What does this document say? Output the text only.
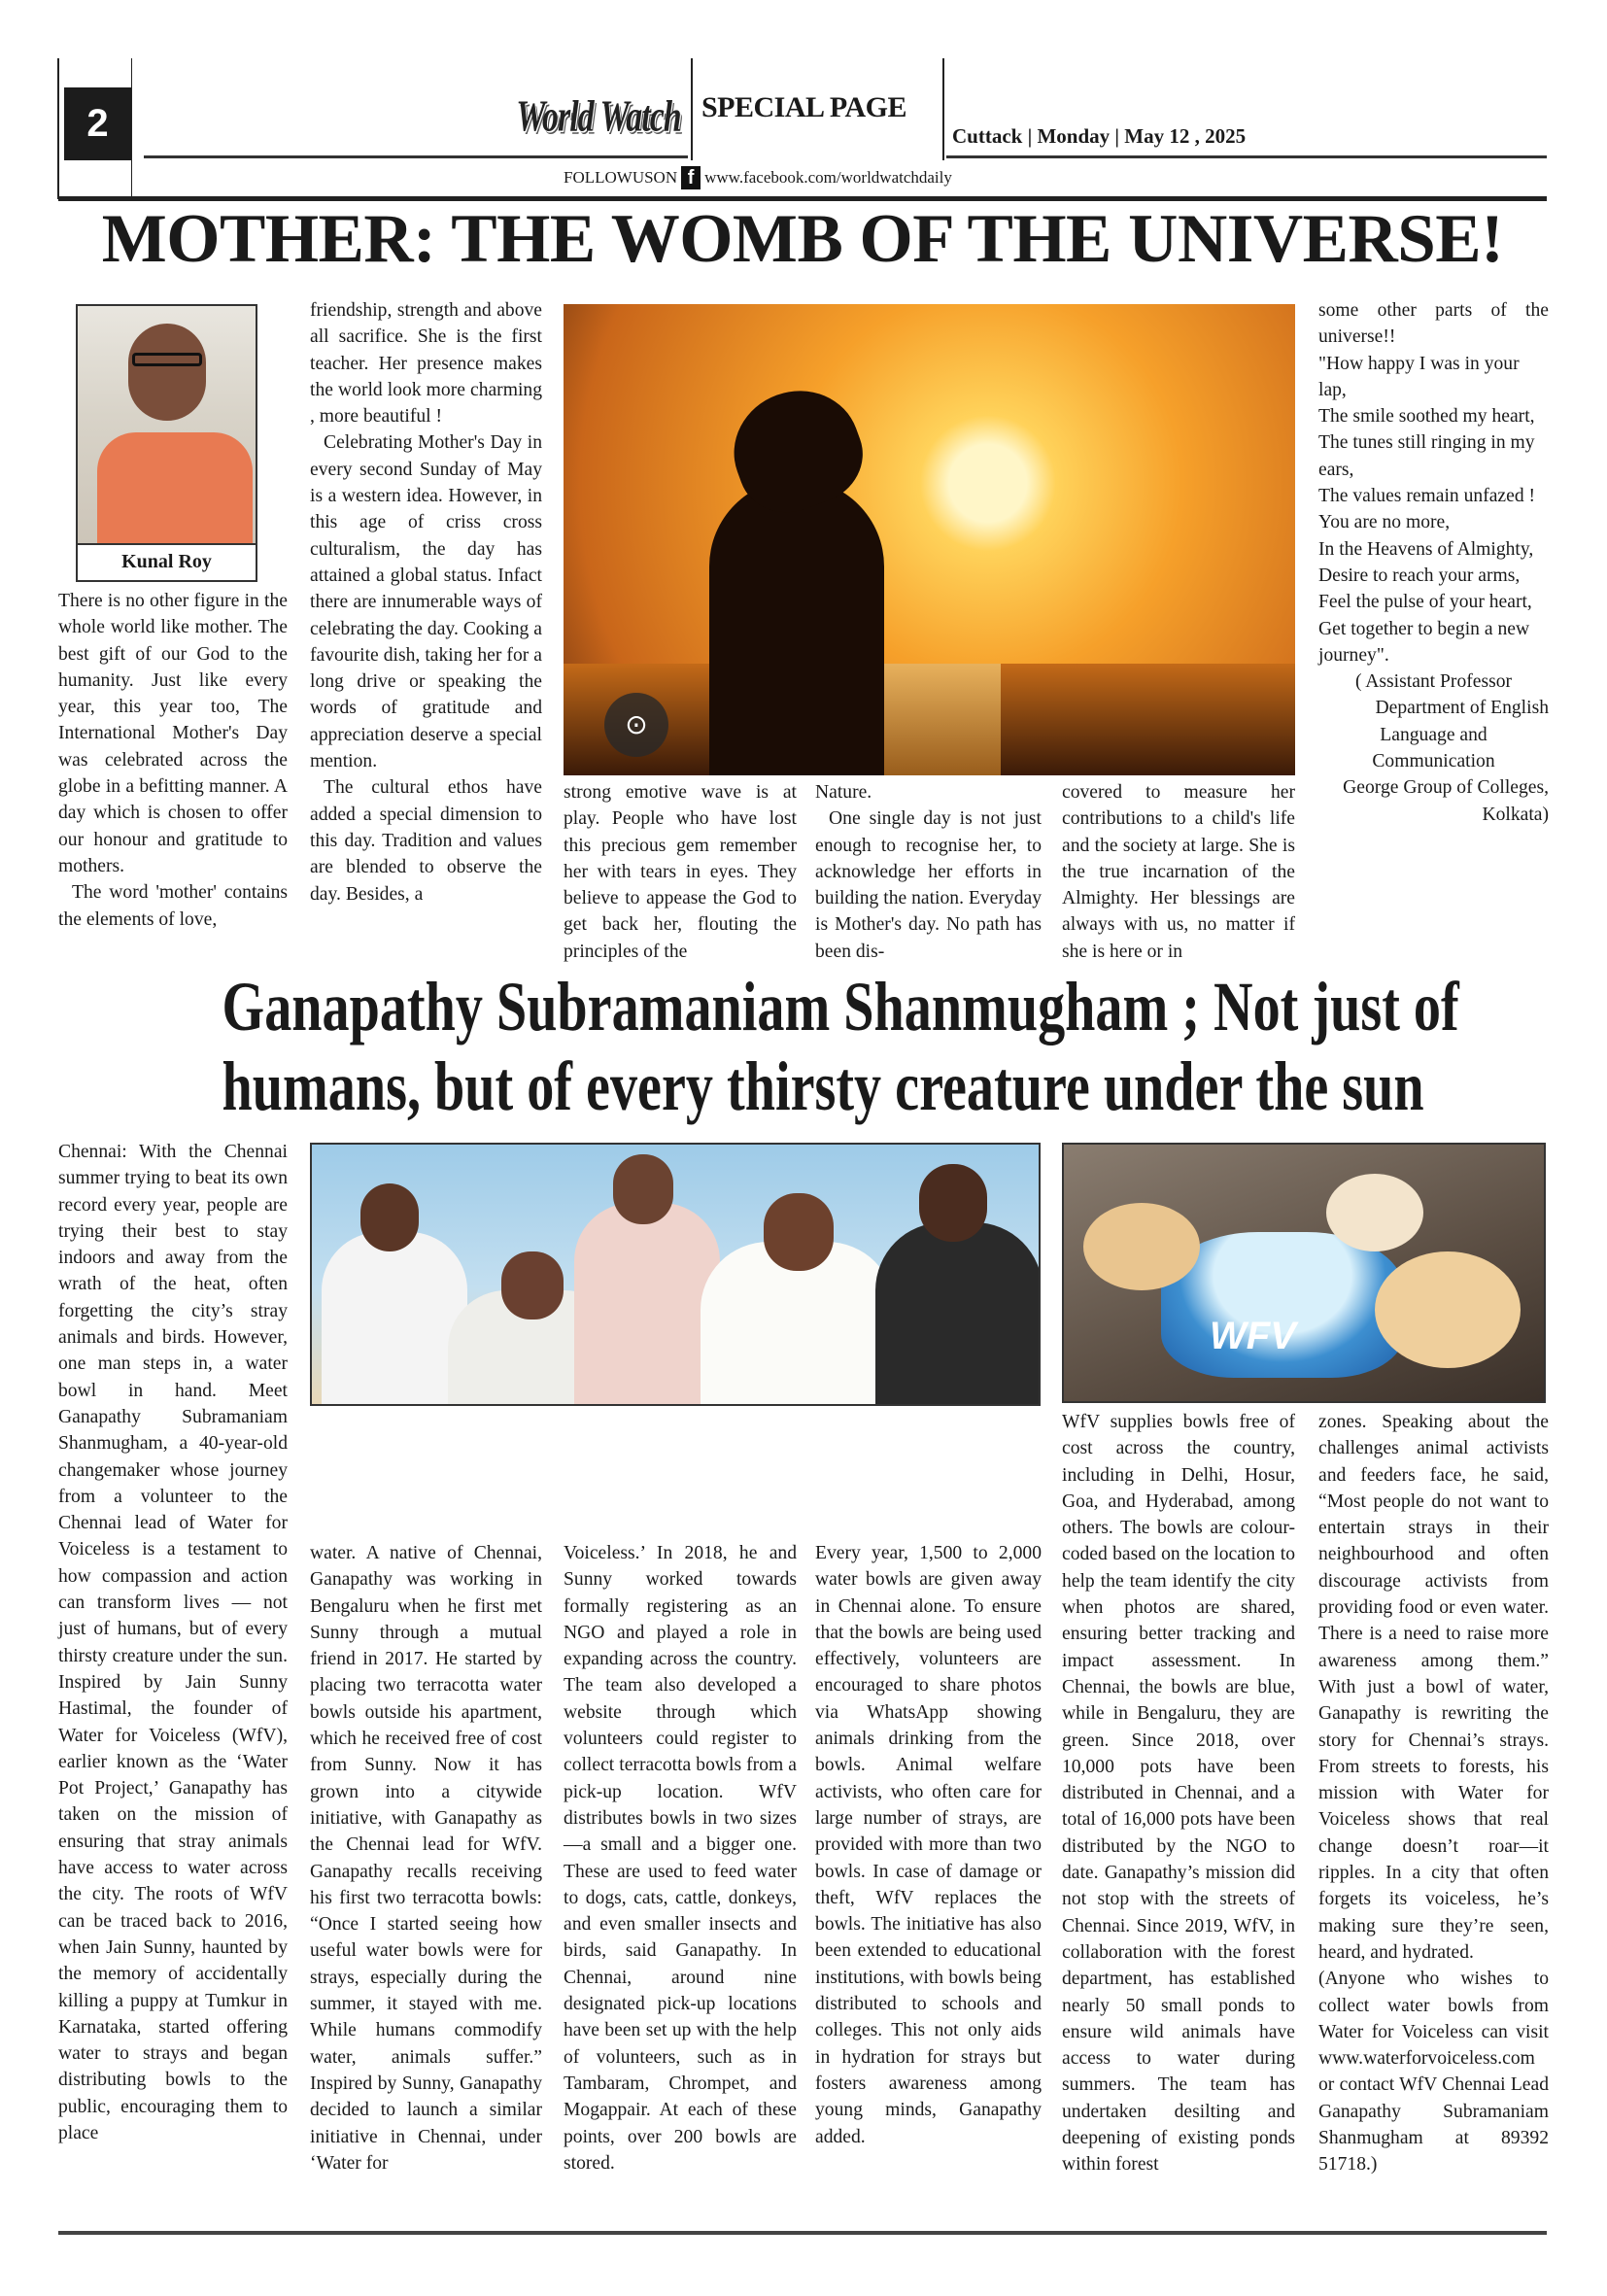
2	World Watch SPECIAL PAGE
Cuttack | Monday | May 12 , 2025
FOLLOWUSON f www.facebook.com/worldwatchdaily
MOTHER: THE WOMB OF THE UNIVERSE!
Kunal Roy

There is no other figure in the whole world like mother. The best gift of our God to the humanity. Just like every year, this year too, The International Mother's Day was celebrated across the globe in a befitting manner. A day which is chosen to offer our honour and gratitude to mothers.

The word 'mother' contains the elements of love,

friendship, strength and above all sacrifice. She is the first teacher. Her presence makes the world look more charming , more beautiful !

Celebrating Mother's Day in every second Sunday of May is a western idea. However, in this age of criss cross culturalism, the day has attained a global status. Infact there are innumerable ways of celebrating the day. Cooking a favourite dish, taking her for a long drive or speaking the words of gratitude and appreciation deserve a special mention.

The cultural ethos have added a special dimension to this day. Tradition and values are blended to observe the day. Besides, a

⊙

strong emotive wave is at play. People who have lost this precious gem remember her with tears in eyes. They believe to appease the God to get back her, flouting the principles of the

Nature.

One single day is not just enough to recognise her, to acknowledge her efforts in building the nation. Everyday is Mother's day. No path has been dis-

covered to measure her contributions to a child's life and the society at large. She is the true incarnation of the Almighty. Her blessings are always with us, no matter if she is here or in

some other parts of the universe!!

"How happy I was in your lap,

The smile soothed my heart,

The tunes still ringing in my ears,

The values remain unfazed !

You are no more,

In the Heavens of Almighty,

Desire to reach your arms,

Feel the pulse of your heart,

Get together to begin a new journey".

( Assistant Professor

Department of English

Language and Communication

George Group of Colleges, Kolkata)

Ganapathy Subramaniam Shanmugham ; Not just of
humans, but of every thirsty creature under the sun

Chennai: With the Chennai summer trying to beat its own record every year, people are trying their best to stay indoors and away from the wrath of the heat, often forgetting the city’s stray animals and birds. However, one man steps in, a water bowl in hand. Meet Ganapathy Subramaniam Shanmugham, a 40-year-old changemaker whose journey from a volunteer to the Chennai lead of Water for Voiceless is a testament to how compassion and action can transform lives — not just of humans, but of every thirsty creature under the sun. Inspired by Jain Sunny Hastimal, the founder of Water for Voiceless (WfV), earlier known as the ‘Water Pot Project,’ Ganapathy has taken on the mission of ensuring that stray animals have access to water across the city. The roots of WfV can be traced back to 2016, when Jain Sunny, haunted by the memory of accidentally killing a puppy at Tumkur in Karnataka, started offering water to strays and began distributing bowls to the public, encouraging them to place

WFV

water. A native of Chennai, Ganapathy was working in Bengaluru when he first met Sunny through a mutual friend in 2017. He started by placing two terracotta water bowls outside his apartment, which he received free of cost from Sunny. Now it has grown into a citywide initiative, with Ganapathy as the Chennai lead for WfV. Ganapathy recalls receiving his first two terracotta bowls: “Once I started seeing how useful water bowls were for strays, especially during the summer, it stayed with me. While humans commodify water, animals suffer.” Inspired by Sunny, Ganapathy decided to launch a similar initiative in Chennai, under ‘Water for

Voiceless.’ In 2018, he and Sunny worked towards formally registering as an NGO and played a role in expanding across the country. The team also developed a website through which volunteers could register to collect terracotta bowls from a pick-up location. WfV distributes bowls in two sizes—a small and a bigger one. These are used to feed water to dogs, cats, cattle, donkeys, and even smaller insects and birds, said Ganapathy. In Chennai, around nine designated pick-up locations have been set up with the help of volunteers, such as in Tambaram, Chrompet, and Mogappair. At each of these points, over 200 bowls are stored.

Every year, 1,500 to 2,000 water bowls are given away in Chennai alone. To ensure that the bowls are being used effectively, volunteers are encouraged to share photos via WhatsApp showing animals drinking from the bowls. Animal welfare activists, who often care for large number of strays, are provided with more than two bowls. In case of damage or theft, WfV replaces the bowls. The initiative has also been extended to educational institutions, with bowls being distributed to schools and colleges. This not only aids in hydration for strays but fosters awareness among young minds, Ganapathy added.

WfV supplies bowls free of cost across the country, including in Delhi, Hosur, Goa, and Hyderabad, among others. The bowls are colour-coded based on the location to help the team identify the city when photos are shared, ensuring better tracking and impact assessment. In Chennai, the bowls are blue, while in Bengaluru, they are green. Since 2018, over 10,000 pots have been distributed in Chennai, and a total of 16,000 pots have been distributed by the NGO to date. Ganapathy’s mission did not stop with the streets of Chennai. Since 2019, WfV, in collaboration with the forest department, has established nearly 50 small ponds to ensure wild animals have access to water during summers. The team has undertaken desilting and deepening of existing ponds within forest

zones. Speaking about the challenges animal activists and feeders face, he said, “Most people do not want to entertain strays in their neighbourhood and often discourage activists from providing food or even water. There is a need to raise more awareness among them.” With just a bowl of water, Ganapathy is rewriting the story for Chennai’s strays. From streets to forests, his mission with Water for Voiceless shows that real change doesn’t roar—it ripples. In a city that often forgets its voiceless, he’s making sure they’re seen, heard, and hydrated.

(Anyone who wishes to collect water bowls from Water for Voiceless can visit www.waterforvoiceless.com or contact WfV Chennai Lead Ganapathy Subramaniam Shanmugham at 89392 51718.)
